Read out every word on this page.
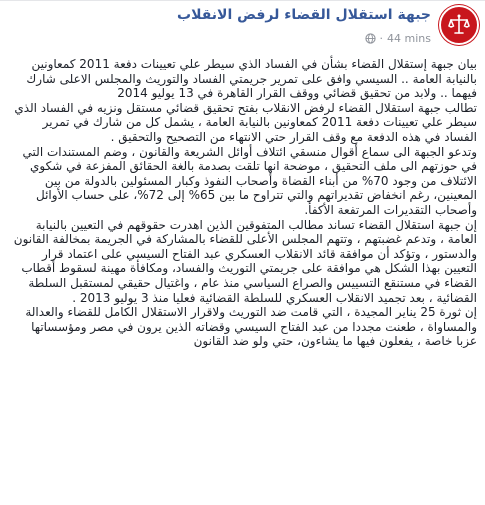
جبهة استقلال القضاء لرفض الانقلاب
44 mins
·

بيان جبهة إستقلال القضاء بشأن في الفساد الذي سيطر علي تعيينات دفعة 2011 كمعاونين بالنيابة العامة .. السيسي وافق على تمرير جريمتي الفساد والتوريث والمجلس الاعلى شارك فيهما .. ولابد من تحقيق قضائي ووقف القرار القاهرة في 13 يوليو 2014

تطالب جبهة استقلال القضاء لرفض الانقلاب بفتح تحقيق قضائي مستقل ونزيه في الفساد الذي سيطر علي تعيينات دفعة 2011 كمعاونين بالنيابة العامة ، يشمل كل من شارك في تمرير الفساد في هذه الدفعة مع وقف القرار حتي الانتهاء من التصحيح والتحقيق .

وتدعو الجبهة الى سماع أقوال منسقي ائتلاف أوائل الشريعة والقانون ، وضم المستندات التي في حوزتهم الى ملف التحقيق ، موضحة انها تلقت بصدمة بالغة الحقائق المفزعة في شكوي الائتلاف من وجود 70% من أبناء القضاة وأصحاب النفوذ وكبار المسئولين بالدولة من بين المعينين، رغم انخفاض تقديراتهم والتي تتراوح ما بين 65% إلى 72%، على حساب الأوائل وأصحاب التقديرات المرتفعة الأكفأ.

إن جبهة استقلال القضاء تساند مطالب المتفوقين الذين اهدرت حقوقهم في التعيين بالنيابة العامة ، وتدعم غضبتهم ، وتتهم المجلس الأعلى للقضاء بالمشاركة في الجريمة بمخالفة القانون والدستور ، وتؤكد أن موافقة قائد الانقلاب العسكري عبد الفتاح السيسي على اعتماد قرار التعيين بهذا الشكل هي موافقة على جريمتي التوريث والفساد، ومكافأة مهينة لسقوط أقطاب القضاء في مستنقع التسييس والصراع السياسي منذ عام ، واغتيال حقيقي لمستقبل السلطة القضائية ، بعد تجميد الانقلاب العسكري للسلطة القضائية فعليا منذ 3 يوليو 2013 .

إن ثورة 25 يناير المجيدة ، التي قامت ضد التوريث ولاقرار الاستقلال الكامل للقضاء والعدالة والمساواة ، طعنت مجددا من عبد الفتاح السيسي وقضاته الذين يرون في مصر ومؤسساتها عزبا خاصة ، يفعلون فيها ما يشاءون، حتي ولو ضد القانون
